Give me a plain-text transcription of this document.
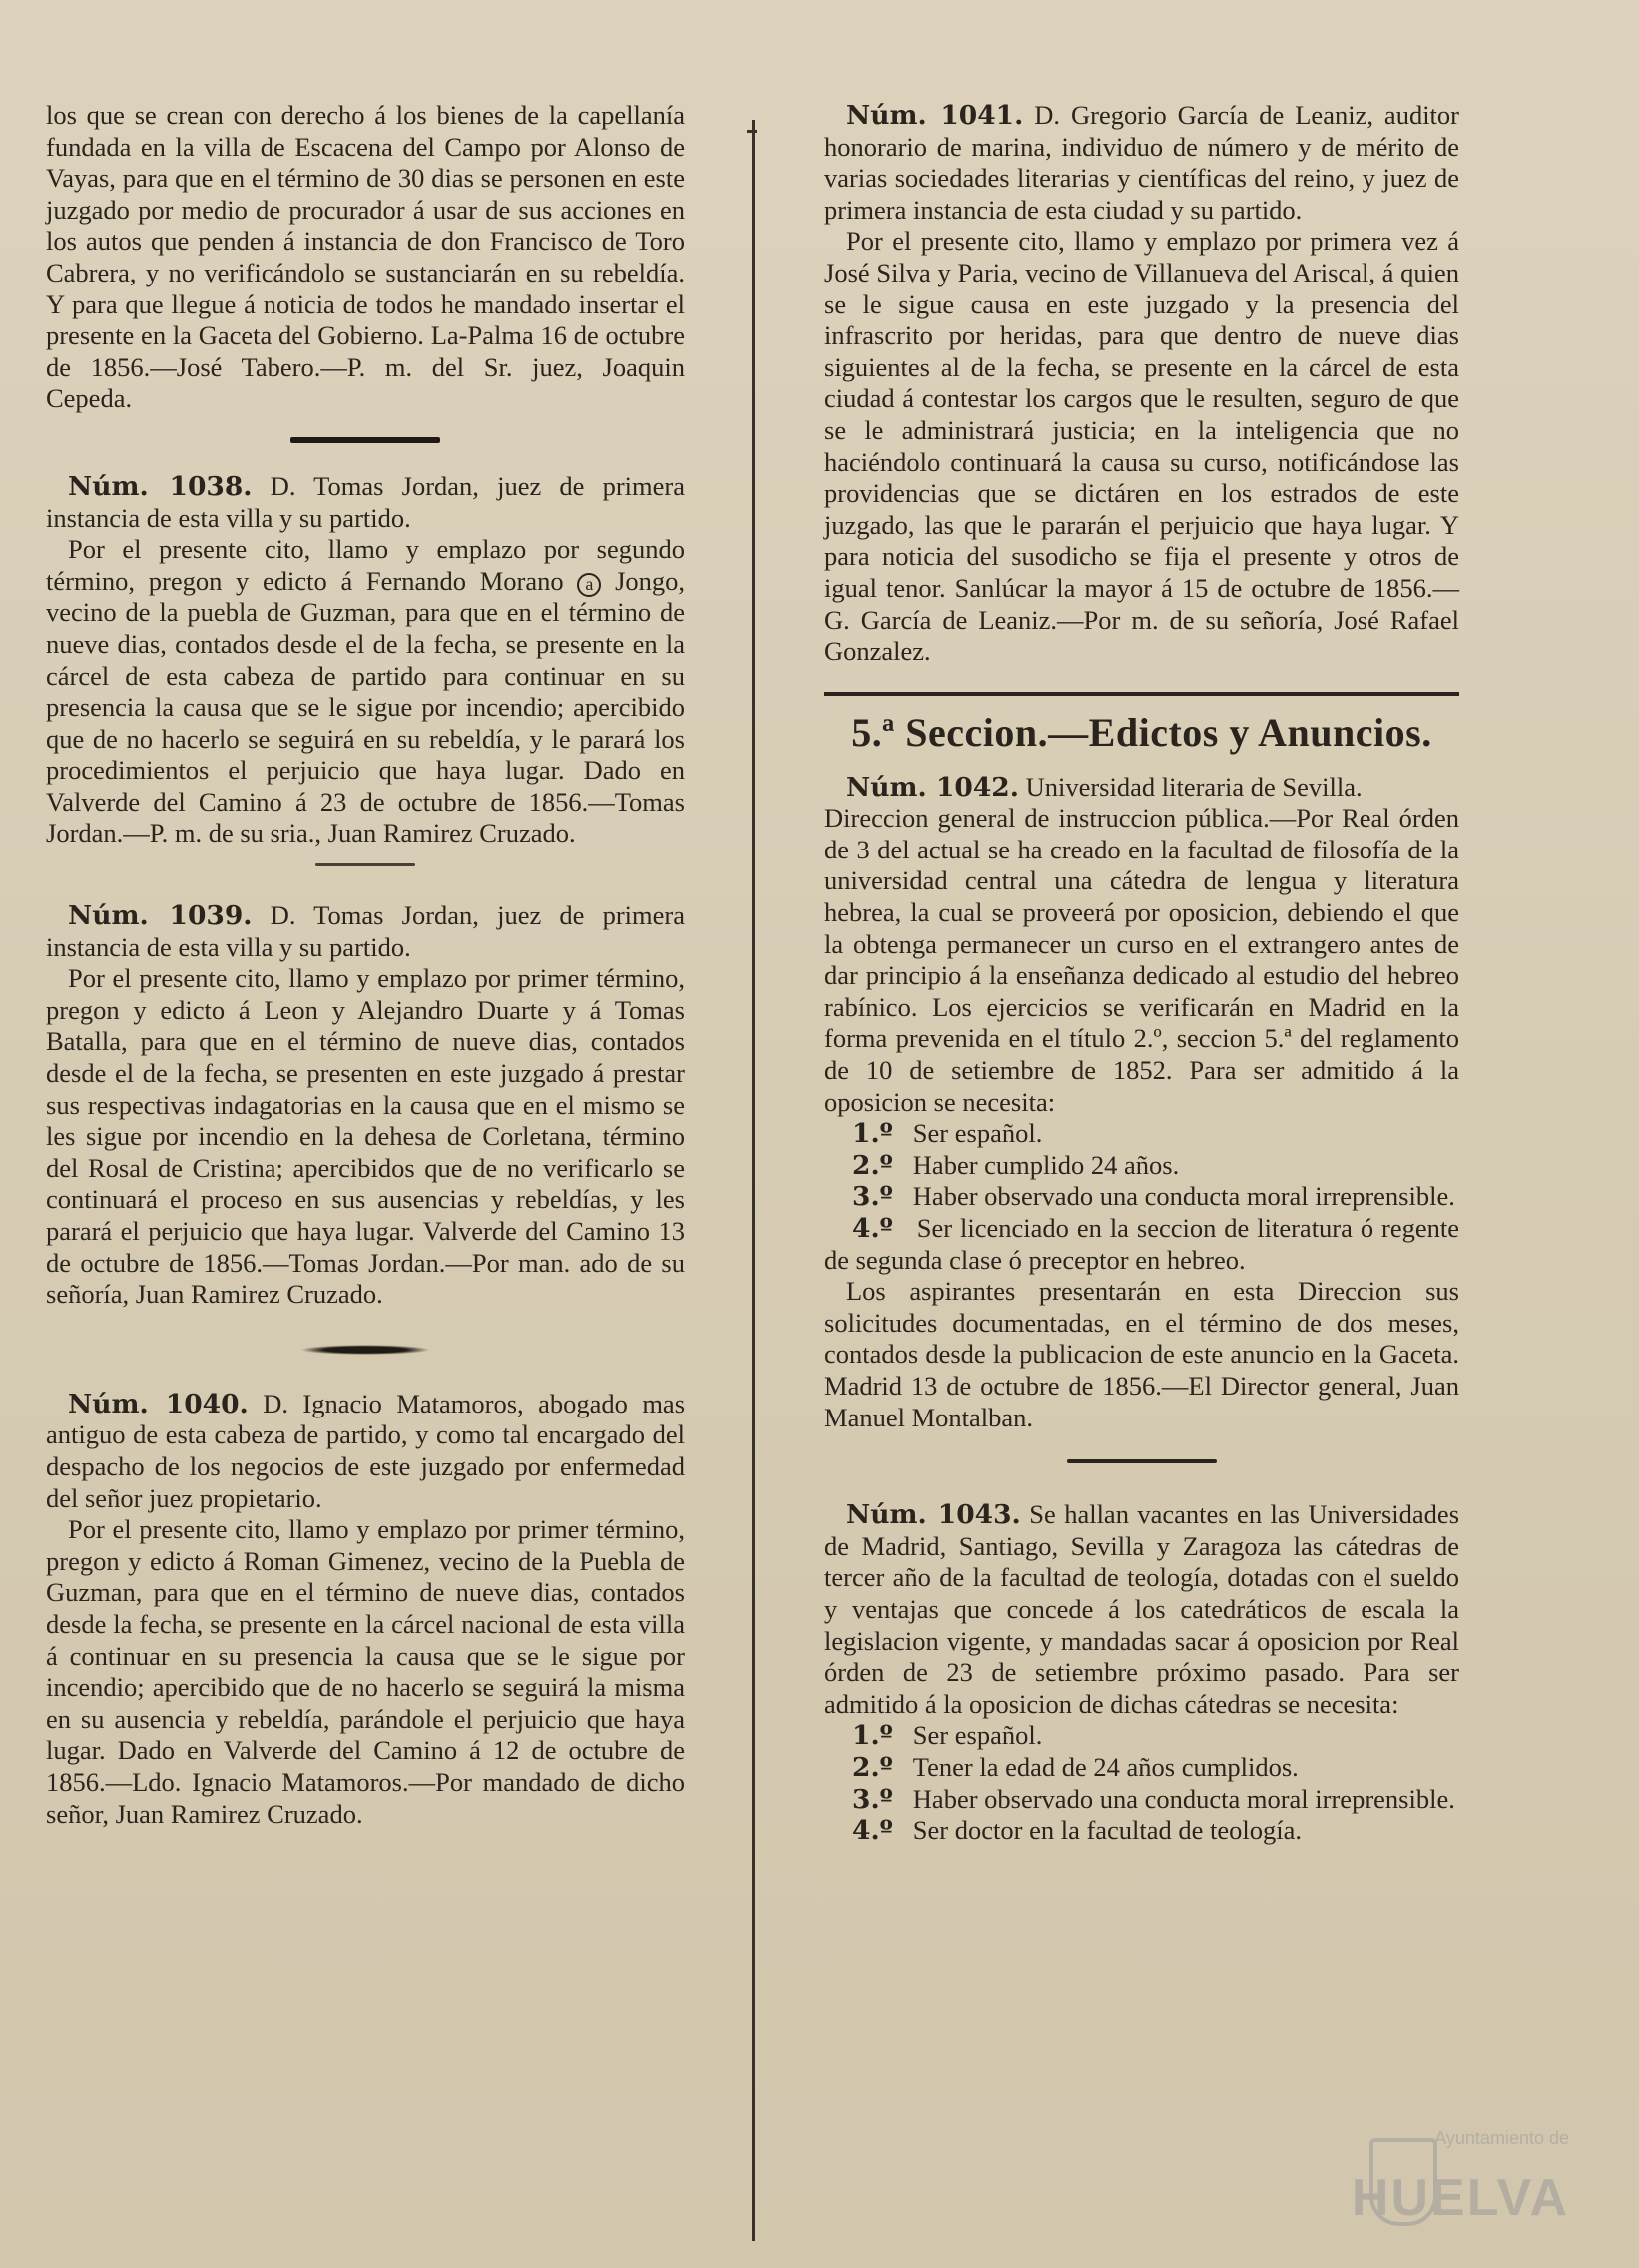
los que se crean con derecho á los bienes de la capellanía fundada en la villa de Escacena del Campo por Alonso de Vayas, para que en el término de 30 dias se personen en este juzgado por medio de procurador á usar de sus acciones en los autos que penden á instancia de don Francisco de Toro Cabrera, y no verificándolo se sustanciarán en su rebeldía. Y para que llegue á noticia de todos he mandado insertar el presente en la Gaceta del Gobierno. La-Palma 16 de octubre de 1856.—José Tabero.—P. m. del Sr. juez, Joaquin Cepeda.

Núm. 1038. D. Tomas Jordan, juez de primera instancia de esta villa y su partido.

Por el presente cito, llamo y emplazo por segundo término, pregon y edicto á Fernando Morano a Jongo, vecino de la puebla de Guzman, para que en el término de nueve dias, contados desde el de la fecha, se presente en la cárcel de esta cabeza de partido para continuar en su presencia la causa que se le sigue por incendio; apercibido que de no hacerlo se seguirá en su rebeldía, y le parará los procedimientos el perjuicio que haya lugar. Dado en Valverde del Camino á 23 de octubre de 1856.—Tomas Jordan.—P. m. de su sria., Juan Ramirez Cruzado.

Núm. 1039. D. Tomas Jordan, juez de primera instancia de esta villa y su partido.

Por el presente cito, llamo y emplazo por primer término, pregon y edicto á Leon y Alejandro Duarte y á Tomas Batalla, para que en el término de nueve dias, contados desde el de la fecha, se presenten en este juzgado á prestar sus respectivas indagatorias en la causa que en el mismo se les sigue por incendio en la dehesa de Corletana, término del Rosal de Cristina; apercibidos que de no verificarlo se continuará el proceso en sus ausencias y rebeldías, y les parará el perjuicio que haya lugar. Valverde del Camino 13 de octubre de 1856.—Tomas Jordan.—Por man. ado de su señoría, Juan Ramirez Cruzado.

Núm. 1040. D. Ignacio Matamoros, abogado mas antiguo de esta cabeza de partido, y como tal encargado del despacho de los negocios de este juzgado por enfermedad del señor juez propietario.

Por el presente cito, llamo y emplazo por primer término, pregon y edicto á Roman Gimenez, vecino de la Puebla de Guzman, para que en el término de nueve dias, contados desde la fecha, se presente en la cárcel nacional de esta villa á continuar en su presencia la causa que se le sigue por incendio; apercibido que de no hacerlo se seguirá la misma en su ausencia y rebeldía, parándole el perjuicio que haya lugar. Dado en Valverde del Camino á 12 de octubre de 1856.—Ldo. Ignacio Matamoros.—Por mandado de dicho señor, Juan Ramirez Cruzado.

Núm. 1041. D. Gregorio García de Leaniz, auditor honorario de marina, individuo de número y de mérito de varias sociedades literarias y científicas del reino, y juez de primera instancia de esta ciudad y su partido.

Por el presente cito, llamo y emplazo por primera vez á José Silva y Paria, vecino de Villanueva del Ariscal, á quien se le sigue causa en este juzgado y la presencia del infrascrito por heridas, para que dentro de nueve dias siguientes al de la fecha, se presente en la cárcel de esta ciudad á contestar los cargos que le resulten, seguro de que se le administrará justicia; en la inteligencia que no haciéndolo continuará la causa su curso, notificándose las providencias que se dictáren en los estrados de este juzgado, las que le pararán el perjuicio que haya lugar. Y para noticia del susodicho se fija el presente y otros de igual tenor. Sanlúcar la mayor á 15 de octubre de 1856.—G. García de Leaniz.—Por m. de su señoría, José Rafael Gonzalez.

5.ª Seccion.—Edictos y Anuncios.

Núm. 1042. Universidad literaria de Sevilla.

Direccion general de instruccion pública.—Por Real órden de 3 del actual se ha creado en la facultad de filosofía de la universidad central una cátedra de lengua y literatura hebrea, la cual se proveerá por oposicion, debiendo el que la obtenga permanecer un curso en el extrangero antes de dar principio á la enseñanza dedicado al estudio del hebreo rabínico. Los ejercicios se verificarán en Madrid en la forma prevenida en el título 2.º, seccion 5.ª del reglamento de 10 de setiembre de 1852. Para ser admitido á la oposicion se necesita:

1.º Ser español.

2.º Haber cumplido 24 años.

3.º Haber observado una conducta moral irreprensible.

4.º Ser licenciado en la seccion de literatura ó regente de segunda clase ó preceptor en hebreo.

Los aspirantes presentarán en esta Direccion sus solicitudes documentadas, en el término de dos meses, contados desde la publicacion de este anuncio en la Gaceta. Madrid 13 de octubre de 1856.—El Director general, Juan Manuel Montalban.

Núm. 1043. Se hallan vacantes en las Universidades de Madrid, Santiago, Sevilla y Zaragoza las cátedras de tercer año de la facultad de teología, dotadas con el sueldo y ventajas que concede á los catedráticos de escala la legislacion vigente, y mandadas sacar á oposicion por Real órden de 23 de setiembre próximo pasado. Para ser admitido á la oposicion de dichas cátedras se necesita:

1.º Ser español.

2.º Tener la edad de 24 años cumplidos.

3.º Haber observado una conducta moral irreprensible.

4.º Ser doctor en la facultad de teología.

Ayuntamiento de
HUELVA
